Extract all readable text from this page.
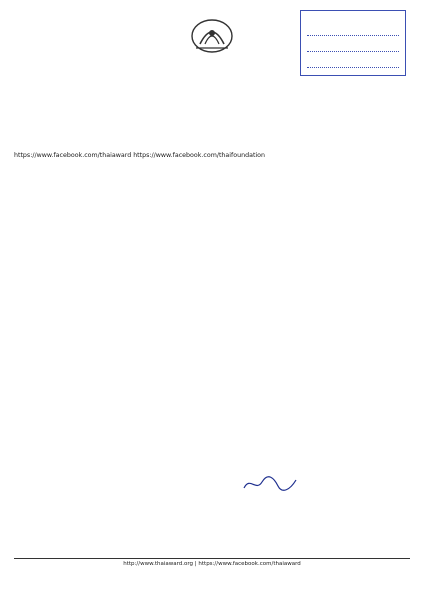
https://www.facebook.com/thaiaward https://www.facebook.com/thaifoundation

http://www.thaiaward.org | https://www.facebook.com/thaiaward
